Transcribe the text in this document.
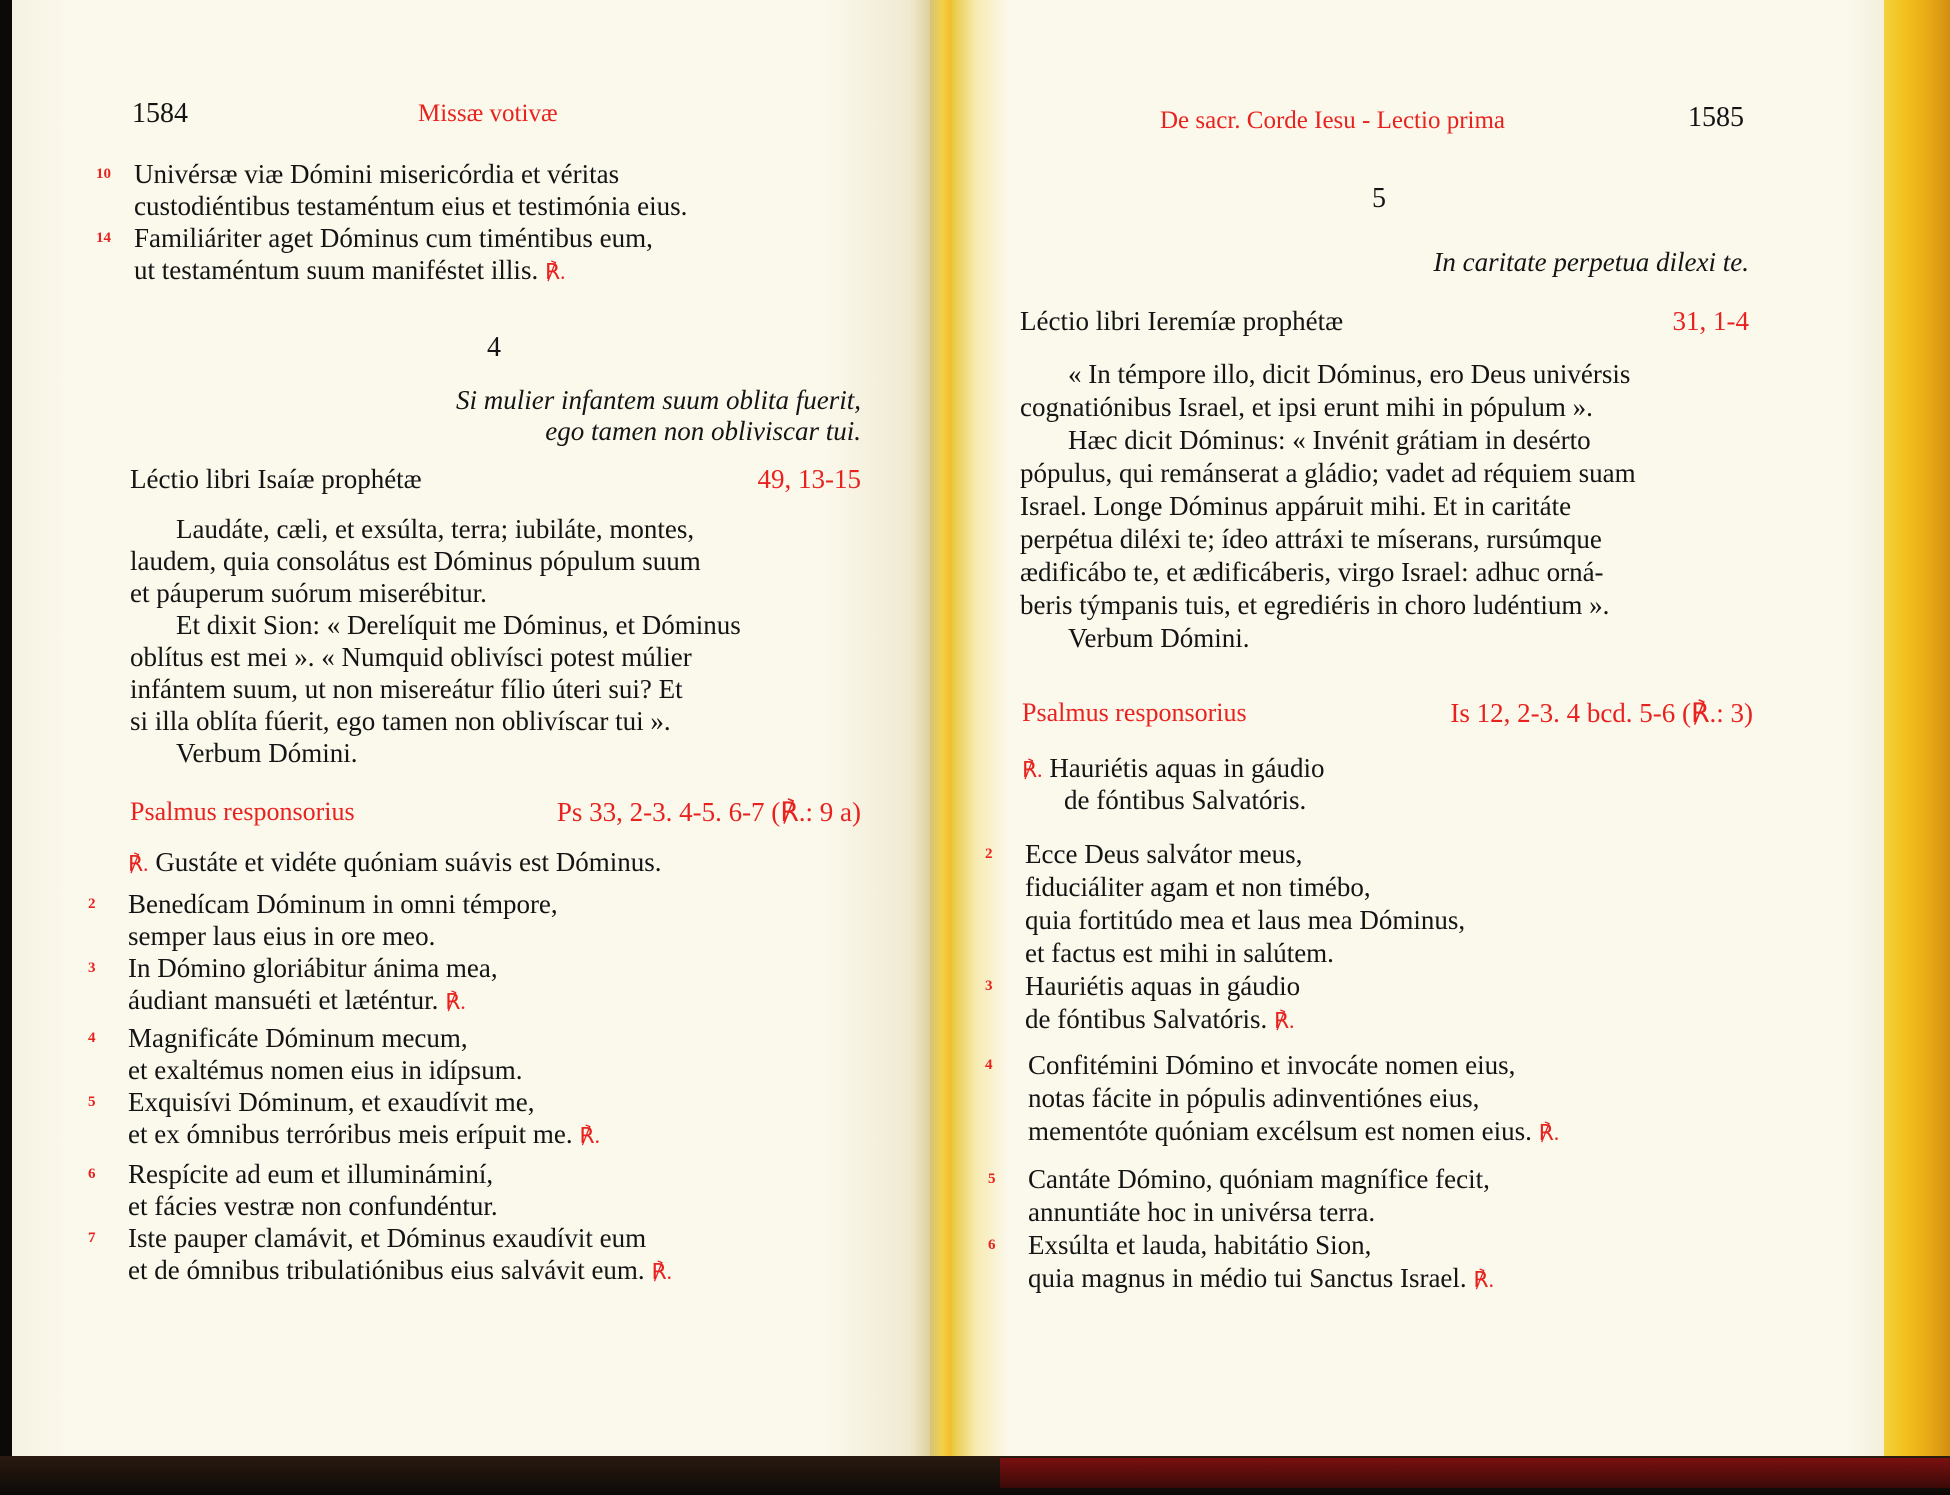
1584	Missæ votivæ
10 Univérsæ viæ Dómini misericórdia et véritas
custodiéntibus testaméntum eius et testimónia eius.
14 Familiáriter aget Dóminus cum timéntibus eum,
ut testaméntum suum maniféstet illis. ℟.
4
Si mulier infantem suum oblita fuerit,
ego tamen non obliviscar tui.
Léctio libri Isaíæ prophétæ	49, 13-15
Laudáte, cæli, et exsúlta, terra; iubiláte, montes,
laudem, quia consolátus est Dóminus pópulum suum
et páuperum suórum miserébitur.
Et dixit Sion: « Derelíquit me Dóminus, et Dóminus
oblítus est mei ». « Numquid oblivísci potest múlier
infántem suum, ut non misereátur fílio úteri sui? Et
si illa oblíta fúerit, ego tamen non oblivíscar tui ».
Verbum Dómini.
Psalmus responsorius	Ps 33, 2-3. 4-5. 6-7 (℟.: 9 a)
℟. Gustáte et vidéte quóniam suávis est Dóminus.
2 Benedícam Dóminum in omni témpore,
semper laus eius in ore meo.
3 In Dómino gloriábitur ánima mea,
áudiant mansuéti et læténtur. ℟.
4 Magnificáte Dóminum mecum,
et exaltémus nomen eius in idípsum.
5 Exquisívi Dóminum, et exaudívit me,
et ex ómnibus terróribus meis erípuit me. ℟.
6 Respícite ad eum et illumináminí,
et fácies vestræ non confundéntur.
7 Iste pauper clamávit, et Dóminus exaudívit eum
et de ómnibus tribulatiónibus eius salvávit eum. ℟.
De sacr. Corde Iesu - Lectio prima	1585
5
In caritate perpetua dilexi te.
Léctio libri Ieremíæ prophétæ	31, 1-4
« In témpore illo, dicit Dóminus, ero Deus univérsis
cognatiónibus Israel, et ipsi erunt mihi in pópulum ».
Hæc dicit Dóminus: « Invénit grátiam in desérto
pópulus, qui remánserat a gládio; vadet ad réquiem suam
Israel. Longe Dóminus appáruit mihi. Et in caritáte
perpétua diléxi te; ídeo attráxi te míserans, rursúmque
ædificábo te, et ædificáberis, virgo Israel: adhuc orná-
beris týmpanis tuis, et egrediéris in choro ludéntium ».
Verbum Dómini.
Psalmus responsorius	Is 12, 2-3. 4 bcd. 5-6 (℟.: 3)
℟. Hauriétis aquas in gáudio
de fóntibus Salvatóris.
2 Ecce Deus salvátor meus,
fiduciáliter agam et non timébo,
quia fortitúdo mea et laus mea Dóminus,
et factus est mihi in salútem.
3 Hauriétis aquas in gáudio
de fóntibus Salvatóris. ℟.
4 Confitémini Dómino et invocáte nomen eius,
notas fácite in pópulis adinventiónes eius,
mementóte quóniam excélsum est nomen eius. ℟.
5 Cantáte Dómino, quóniam magnífice fecit,
annuntiáte hoc in univérsa terra.
6 Exsúlta et lauda, habitátio Sion,
quia magnus in médio tui Sanctus Israel. ℟.
